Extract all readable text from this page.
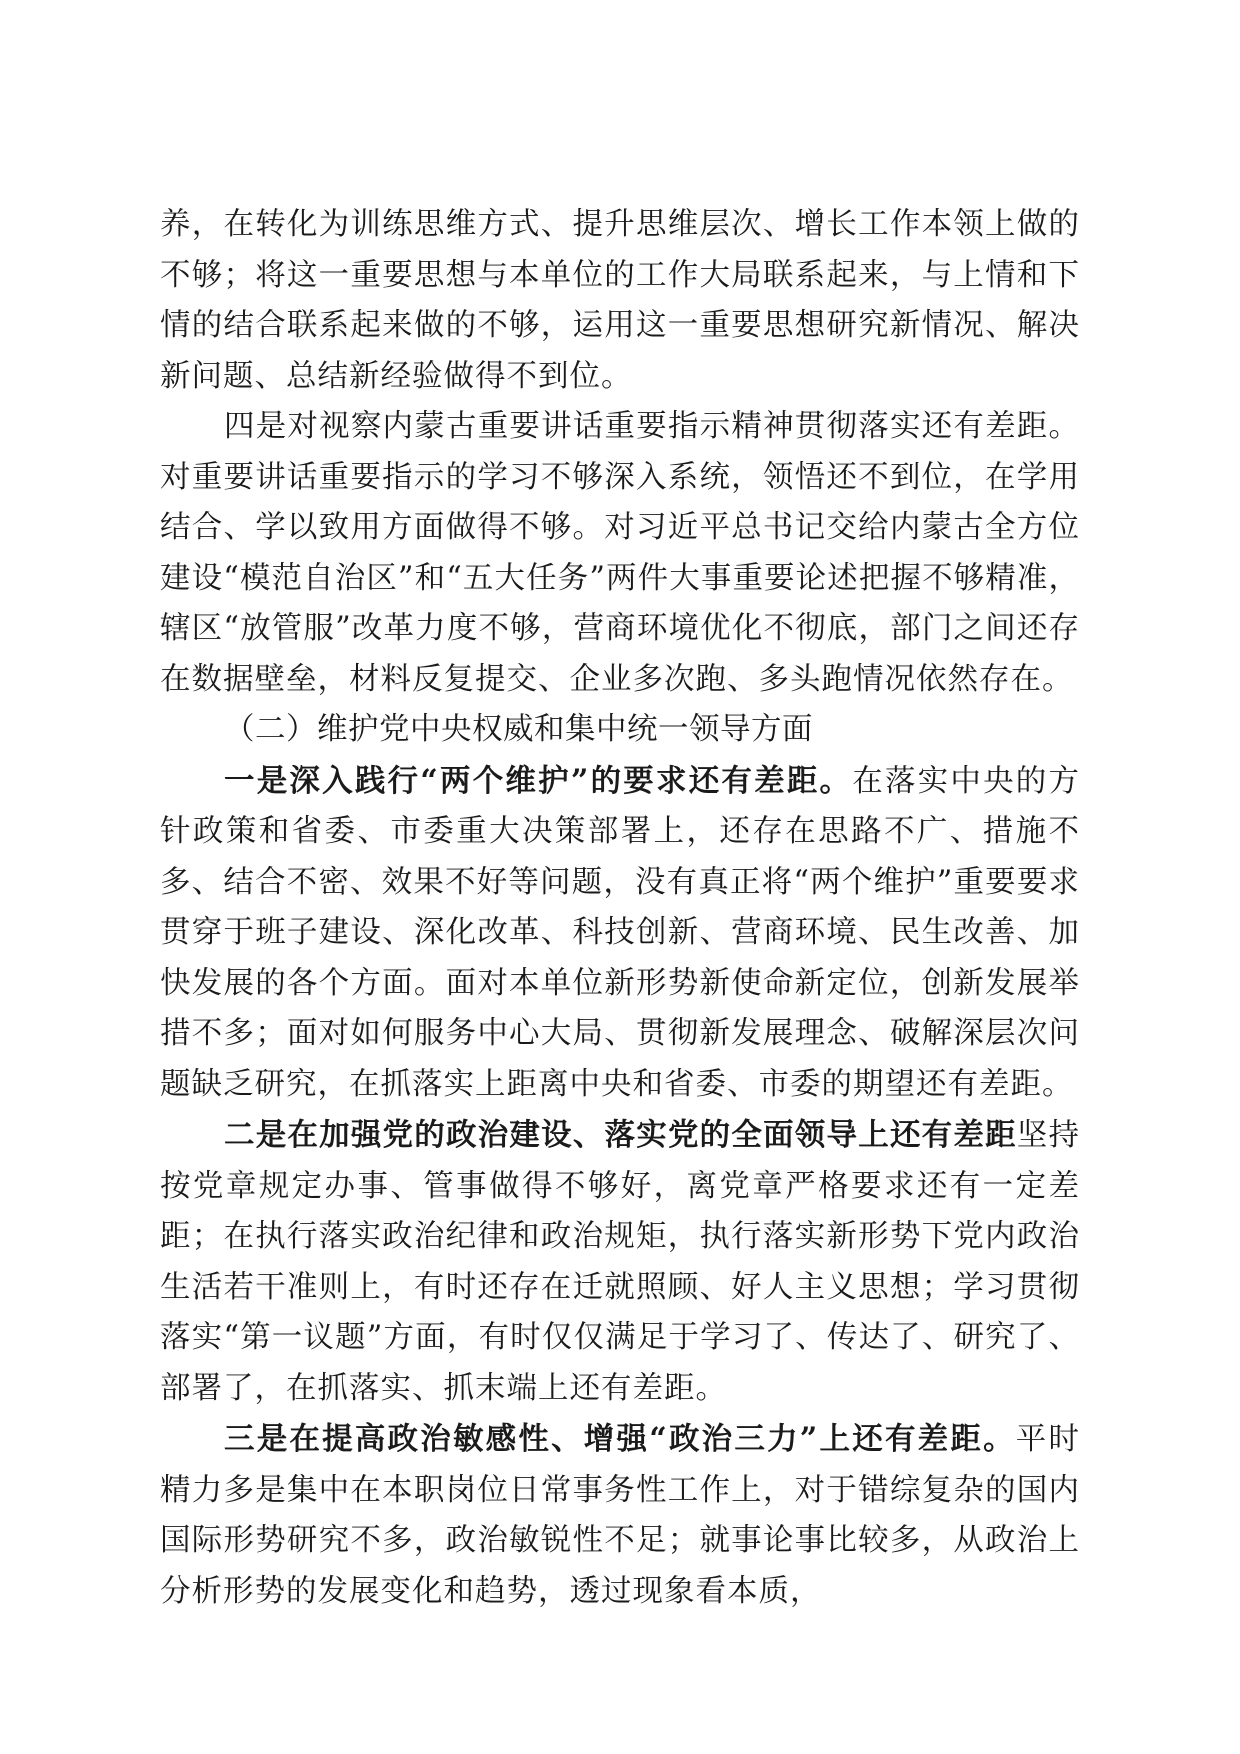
养，在转化为训练思维方式、提升思维层次、增长工作本领上做的不够；将这一重要思想与本单位的工作大局联系起来，与上情和下情的结合联系起来做的不够，运用这一重要思想研究新情况、解决新问题、总结新经验做得不到位。

四是对视察内蒙古重要讲话重要指示精神贯彻落实还有差距。对重要讲话重要指示的学习不够深入系统，领悟还不到位，在学用结合、学以致用方面做得不够。对习近平总书记交给内蒙古全方位建设“模范自治区”和“五大任务”两件大事重要论述把握不够精准，辖区“放管服”改革力度不够，营商环境优化不彻底，部门之间还存在数据壁垒，材料反复提交、企业多次跑、多头跑情况依然存在。

（二）维护党中央权威和集中统一领导方面

一是深入践行“两个维护”的要求还有差距。在落实中央的方针政策和省委、市委重大决策部署上，还存在思路不广、措施不多、结合不密、效果不好等问题，没有真正将“两个维护”重要要求贯穿于班子建设、深化改革、科技创新、营商环境、民生改善、加快发展的各个方面。面对本单位新形势新使命新定位，创新发展举措不多；面对如何服务中心大局、贯彻新发展理念、破解深层次问题缺乏研究，在抓落实上距离中央和省委、市委的期望还有差距。

二是在加强党的政治建设、落实党的全面领导上还有差距坚持按党章规定办事、管事做得不够好，离党章严格要求还有一定差距；在执行落实政治纪律和政治规矩，执行落实新形势下党内政治生活若干准则上，有时还存在迁就照顾、好人主义思想；学习贯彻落实“第一议题”方面，有时仅仅满足于学习了、传达了、研究了、部署了，在抓落实、抓末端上还有差距。

三是在提高政治敏感性、增强“政治三力”上还有差距。平时精力多是集中在本职岗位日常事务性工作上，对于错综复杂的国内国际形势研究不多，政治敏锐性不足；就事论事比较多，从政治上分析形势的发展变化和趋势，透过现象看本质，
